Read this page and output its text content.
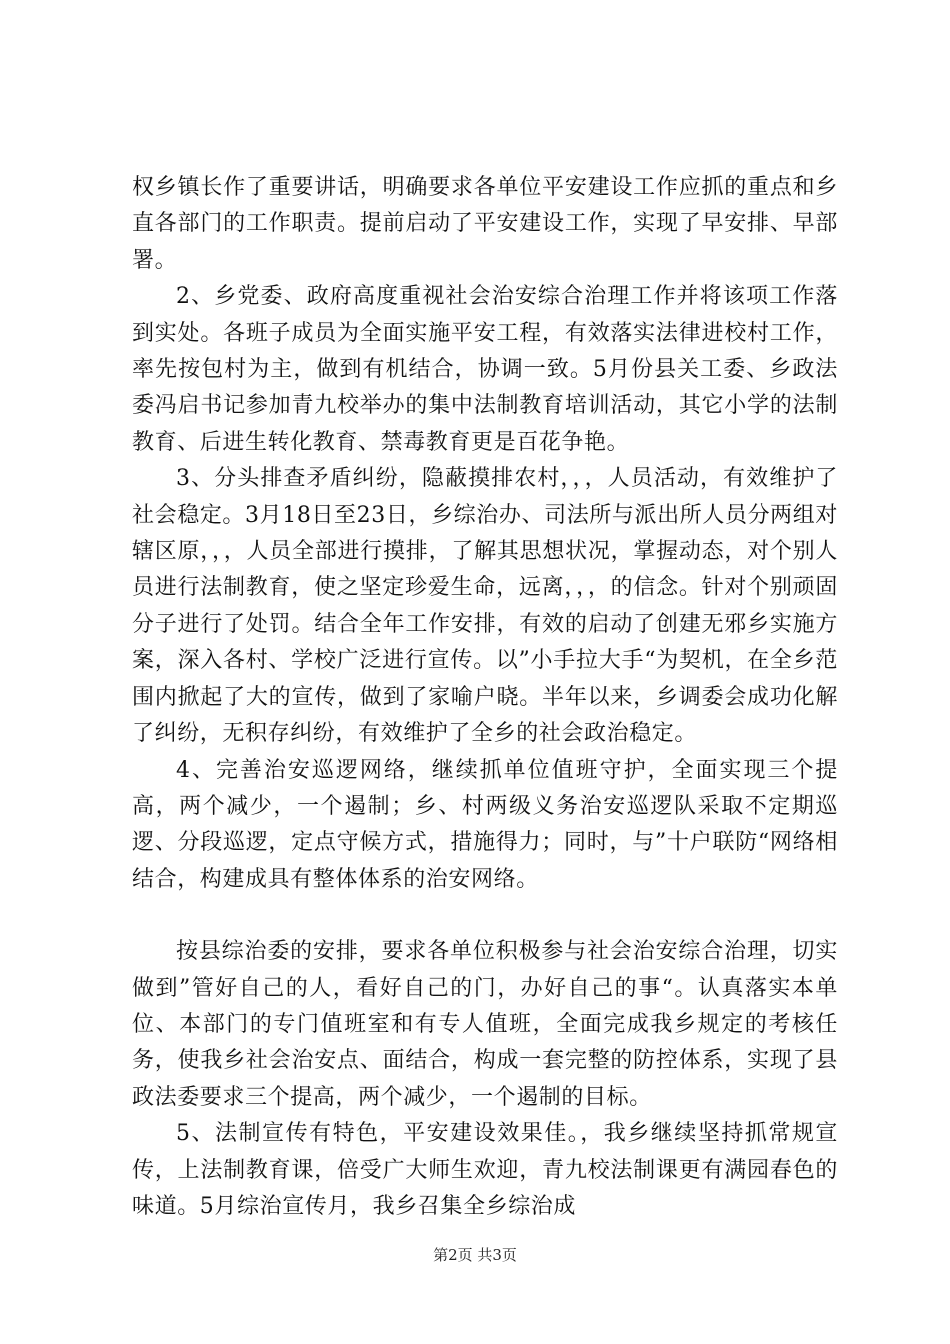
权乡镇长作了重要讲话，明确要求各单位平安建设工作应抓的重点和乡直各部门的工作职责。提前启动了平安建设工作，实现了早安排、早部署。

2、乡党委、政府高度重视社会治安综合治理工作并将该项工作落到实处。各班子成员为全面实施平安工程，有效落实法律进校村工作，率先按包村为主，做到有机结合，协调一致。5月份县关工委、乡政法委冯启书记参加青九校举办的集中法制教育培训活动，其它小学的法制教育、后进生转化教育、禁毒教育更是百花争艳。

3、分头排查矛盾纠纷，隐蔽摸排农村，，，人员活动，有效维护了社会稳定。3月18日至23日，乡综治办、司法所与派出所人员分两组对辖区原，，，人员全部进行摸排，了解其思想状况，掌握动态，对个别人员进行法制教育，使之坚定珍爱生命，远离，，，的信念。针对个别顽固分子进行了处罚。结合全年工作安排，有效的启动了创建无邪乡实施方案，深入各村、学校广泛进行宣传。以”小手拉大手“为契机，在全乡范围内掀起了大的宣传，做到了家喻户晓。半年以来，乡调委会成功化解了纠纷，无积存纠纷，有效维护了全乡的社会政治稳定。

4、完善治安巡逻网络，继续抓单位值班守护，全面实现三个提高，两个减少，一个遏制；乡、村两级义务治安巡逻队采取不定期巡逻、分段巡逻，定点守候方式，措施得力；同时，与”十户联防“网络相结合，构建成具有整体体系的治安网络。

按县综治委的安排，要求各单位积极参与社会治安综合治理，切实做到”管好自己的人，看好自己的门，办好自己的事“。认真落实本单位、本部门的专门值班室和有专人值班，全面完成我乡规定的考核任务，使我乡社会治安点、面结合，构成一套完整的防控体系，实现了县政法委要求三个提高，两个减少，一个遏制的目标。

5、法制宣传有特色，平安建设效果佳。，我乡继续坚持抓常规宣传，上法制教育课，倍受广大师生欢迎，青九校法制课更有满园春色的味道。5月综治宣传月，我乡召集全乡综治成

第2页 共3页
